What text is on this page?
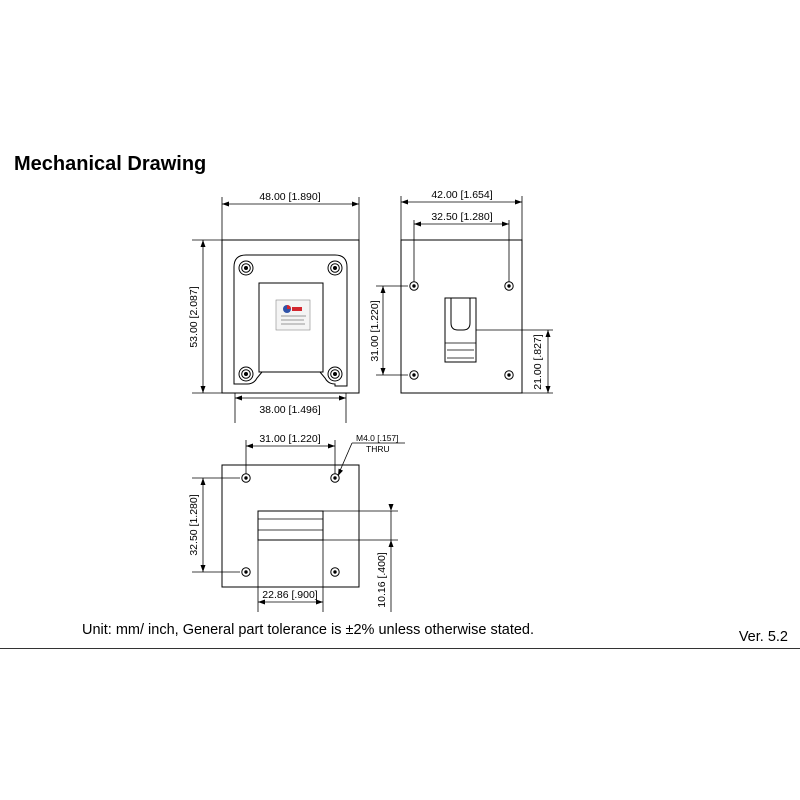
Mechanical Drawing
48.00 [1.890]
53.00 [2.087]
38.00 [1.496]
42.00 [1.654]
32.50 [1.280]
31.00 [1.220]
21.00 [.827]
31.00 [1.220]	M4.0 [.157]
THRU
32.50 [1.280]
22.86 [.900]	10.16 [.400]
Unit: mm/ inch, General part tolerance is ±2% unless otherwise stated.	Ver. 5.2
